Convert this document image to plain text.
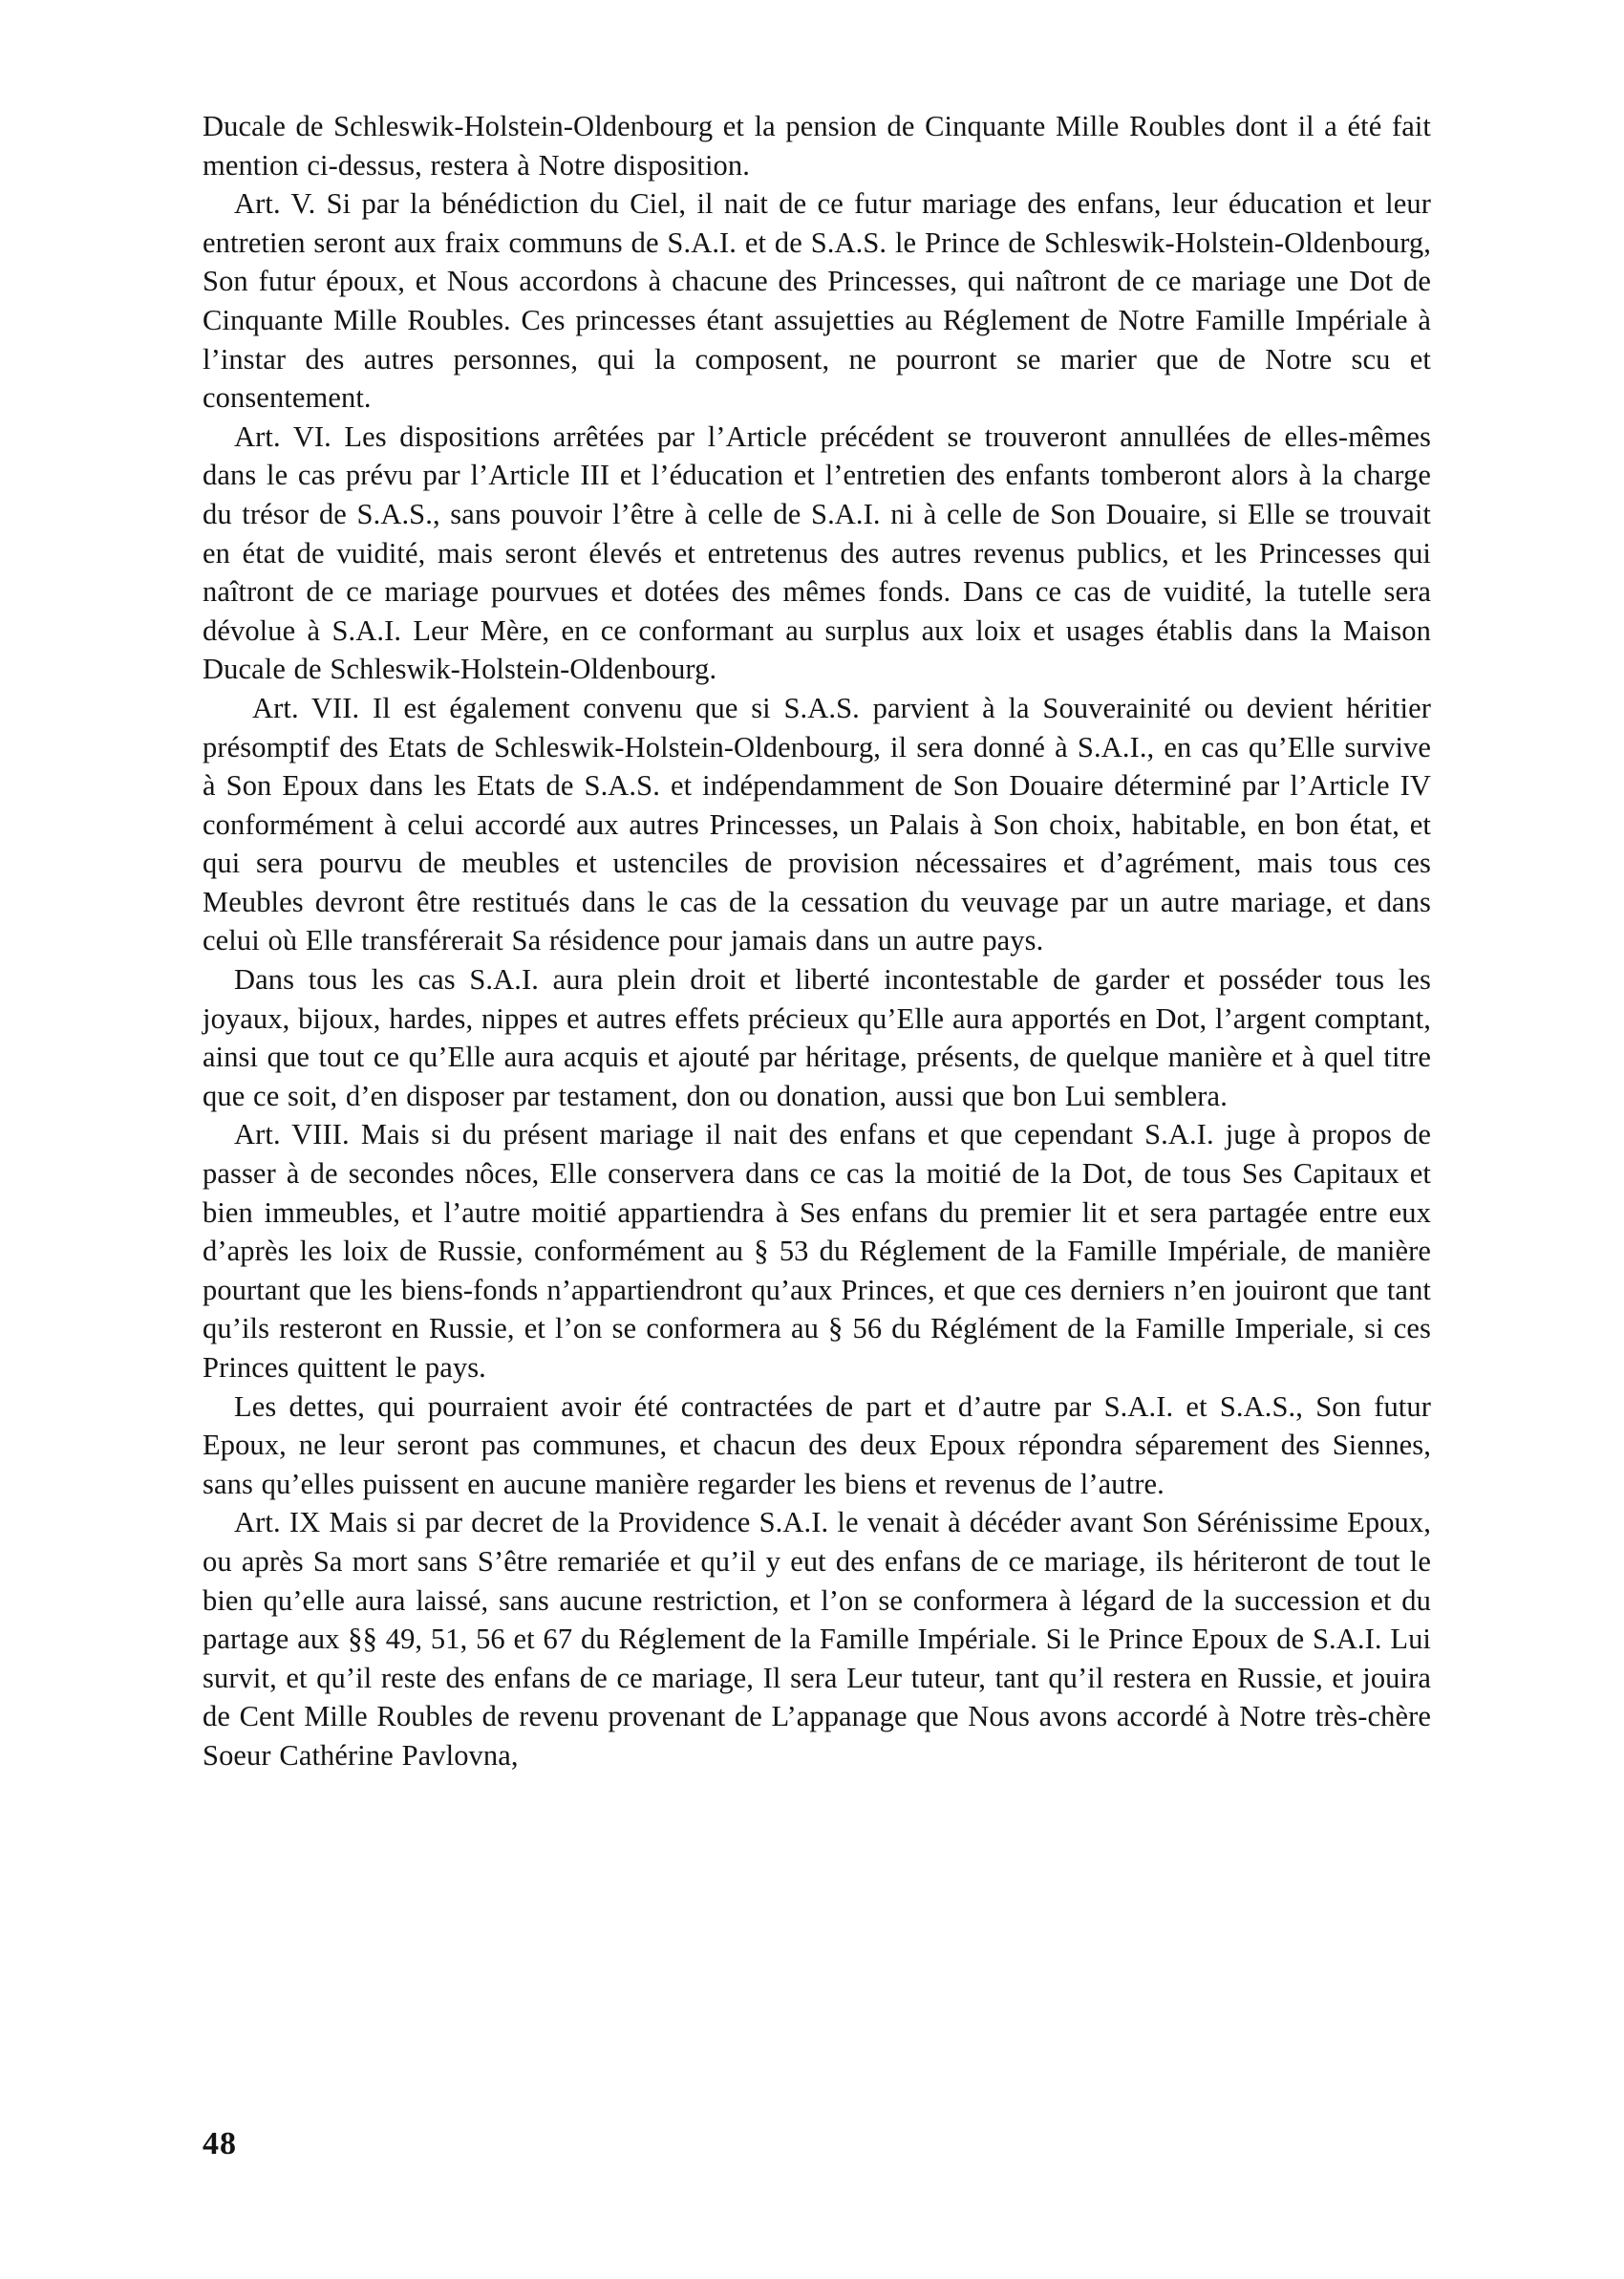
Ducale de Schleswik-Holstein-Oldenbourg et la pension de Cinquante Mille Roubles dont il a été fait mention ci-dessus, restera à Notre disposition.

Art. V. Si par la bénédiction du Ciel, il nait de ce futur mariage des enfans, leur éducation et leur entretien seront aux fraix communs de S.A.I. et de S.A.S. le Prince de Schleswik-Holstein-Oldenbourg, Son futur époux, et Nous accordons à chacune des Princesses, qui naîtront de ce mariage une Dot de Cinquante Mille Roubles. Ces princesses étant assujetties au Réglement de Notre Famille Impériale à l’instar des autres personnes, qui la composent, ne pourront se marier que de Notre scu et consentement.

Art. VI. Les dispositions arrêtées par l’Article précédent se trouveront annullées de elles-mêmes dans le cas prévu par l’Article III et l’éducation et l’entretien des enfants tomberont alors à la charge du trésor de S.A.S., sans pouvoir l’être à celle de S.A.I. ni à celle de Son Douaire, si Elle se trouvait en état de vuidité, mais seront élevés et entretenus des autres revenus publics, et les Princesses qui naîtront de ce mariage pourvues et dotées des mêmes fonds. Dans ce cas de vuidité, la tutelle sera dévolue à S.A.I. Leur Mère, en ce conformant au surplus aux loix et usages établis dans la Maison Ducale de Schleswik-Holstein-Oldenbourg.

Art. VII. Il est également convenu que si S.A.S. parvient à la Souverainité ou devient héritier présomptif des Etats de Schleswik-Holstein-Oldenbourg, il sera donné à S.A.I., en cas qu’Elle survive à Son Epoux dans les Etats de S.A.S. et indépendamment de Son Douaire déterminé par l’Article IV conformément à celui accordé aux autres Princesses, un Palais à Son choix, habitable, en bon état, et qui sera pourvu de meubles et ustenciles de provision nécessaires et d’agrément, mais tous ces Meubles devront être restitués dans le cas de la cessation du veuvage par un autre mariage, et dans celui où Elle transférerait Sa résidence pour jamais dans un autre pays.

Dans tous les cas S.A.I. aura plein droit et liberté incontestable de garder et posséder tous les joyaux, bijoux, hardes, nippes et autres effets précieux qu’Elle aura apportés en Dot, l’argent comptant, ainsi que tout ce qu’Elle aura acquis et ajouté par héritage, présents, de quelque manière et à quel titre que ce soit, d’en disposer par testament, don ou donation, aussi que bon Lui semblera.

Art. VIII. Mais si du présent mariage il nait des enfans et que cependant S.A.I. juge à propos de passer à de secondes nôces, Elle conservera dans ce cas la moitié de la Dot, de tous Ses Capitaux et bien immeubles, et l’autre moitié appartiendra à Ses enfans du premier lit et sera partagée entre eux d’après les loix de Russie, conformément au § 53 du Réglement de la Famille Impériale, de manière pourtant que les biens-fonds n’appartiendront qu’aux Princes, et que ces derniers n’en jouiront que tant qu’ils resteront en Russie, et l’on se conformera au § 56 du Réglément de la Famille Imperiale, si ces Princes quittent le pays.

Les dettes, qui pourraient avoir été contractées de part et d’autre par S.A.I. et S.A.S., Son futur Epoux, ne leur seront pas communes, et chacun des deux Epoux répondra séparement des Siennes, sans qu’elles puissent en aucune manière regarder les biens et revenus de l’autre.

Art. IX Mais si par decret de la Providence S.A.I. le venait à décéder avant Son Sérénissime Epoux, ou après Sa mort sans S’être remariée et qu’il y eut des enfans de ce mariage, ils hériteront de tout le bien qu’elle aura laissé, sans aucune restriction, et l’on se conformera à légard de la succession et du partage aux §§ 49, 51, 56 et 67 du Réglement de la Famille Impériale. Si le Prince Epoux de S.A.I. Lui survit, et qu’il reste des enfans de ce mariage, Il sera Leur tuteur, tant qu’il restera en Russie, et jouira de Cent Mille Roubles de revenu provenant de L’appanage que Nous avons accordé à Notre très-chère Soeur Cathérine Pavlovna,

48
